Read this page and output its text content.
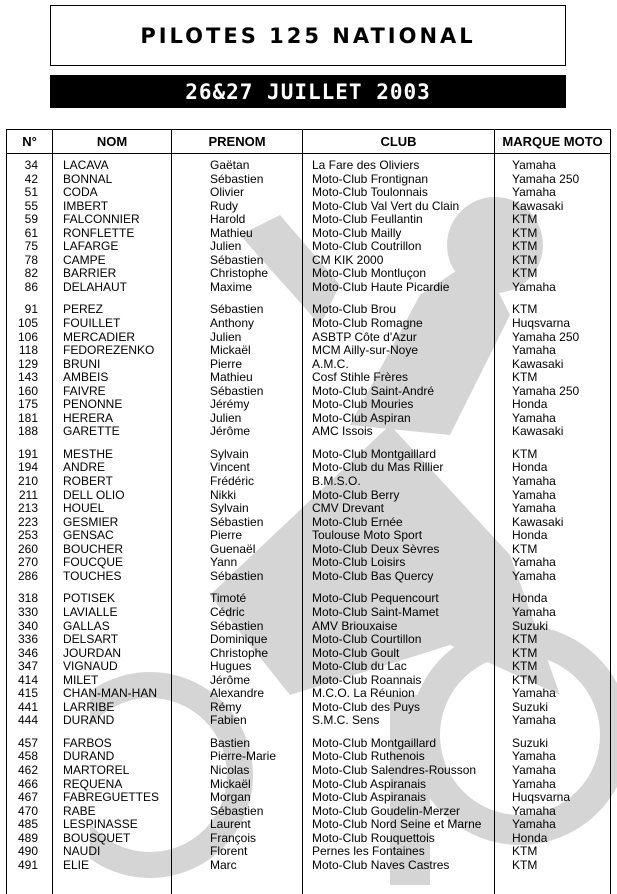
PILOTES 125 NATIONAL
26&27 JUILLET 2003
N°	NOM	PRENOM	CLUB	MARQUE MOTO
34	LACAVA	Gaëtan	La Fare des Oliviers	Yamaha
42	BONNAL	Sébastien	Moto-Club Frontignan	Yamaha 250
51	CODA	Olivier	Moto-Club Toulonnais	Yamaha
55	IMBERT	Rudy	Moto-Club Val Vert du Clain	Kawasaki
59	FALCONNIER	Harold	Moto-Club Feullantin	KTM
61	RONFLETTE	Mathieu	Moto-Club Mailly	KTM
75	LAFARGE	Julien	Moto-Club Coutrillon	KTM
78	CAMPE	Sébastien	CM KIK 2000	KTM
82	BARRIER	Christophe	Moto-Club Montluçon	KTM
86	DELAHAUT	Maxime	Moto-Club Haute Picardie	Yamaha
91	PEREZ	Sébastien	Moto-Club Brou	KTM
105	FOUILLET	Anthony	Moto-Club Romagne	Huqsvarna
106	MERCADIER	Julien	ASBTP Côte d'Azur	Yamaha 250
118	FEDOREZENKO	Mickaël	MCM Ailly-sur-Noye	Yamaha
129	BRUNI	Pierre	A.M.C.	Kawasaki
143	AMBEIS	Mathieu	Cosf Stihle Frères	KTM
160	FAIVRE	Sébastien	Moto-Club Saint-André	Yamaha 250
175	PENONNE	Jérémy	Moto-Club Mouries	Honda
181	HERERA	Julien	Moto-Club Aspiran	Yamaha
188	GARETTE	Jérôme	AMC Issois	Kawasaki
191	MESTHE	Sylvain	Moto-Club Montgaillard	KTM
194	ANDRE	Vincent	Moto-Club du Mas Rillier	Honda
210	ROBERT	Frédéric	B.M.S.O.	Yamaha
211	DELL OLIO	Nikki	Moto-Club Berry	Yamaha
213	HOUEL	Sylvain	CMV Drevant	Yamaha
223	GESMIER	Sébastien	Moto-Club Ernée	Kawasaki
253	GENSAC	Pierre	Toulouse Moto Sport	Honda
260	BOUCHER	Guenaël	Moto-Club Deux Sèvres	KTM
270	FOUCQUE	Yann	Moto-Club Loisirs	Yamaha
286	TOUCHES	Sébastien	Moto-Club Bas Quercy	Yamaha
318	POTISEK	Timoté	Moto-Club Pequencourt	Honda
330	LAVIALLE	Cédric	Moto-Club Saint-Mamet	Yamaha
340	GALLAS	Sébastien	AMV Briouxaise	Suzuki
336	DELSART	Dominique	Moto-Club Courtillon	KTM
346	JOURDAN	Christophe	Moto-Club Goult	KTM
347	VIGNAUD	Hugues	Moto-Club du Lac	KTM
414	MILET	Jérôme	Moto-Club Roannais	KTM
415	CHAN-MAN-HAN	Alexandre	M.C.O. La Réunion	Yamaha
441	LARRIBE	Rémy	Moto-Club des Puys	Suzuki
444	DURAND	Fabien	S.M.C. Sens	Yamaha
457	FARBOS	Bastien	Moto-Club Montgaillard	Suzuki
458	DURAND	Pierre-Marie	Moto-Club Ruthenois	Yamaha
462	MARTOREL	Nicolas	Moto-Club Salendres-Rousson	Yamaha
466	REQUENA	Mickaël	Moto-Club Aspiranais	Yamaha
467	FABREGUETTES	Morgan	Moto-Club Aspiranais	Huqsvarna
470	RABE	Sébastien	Moto-Club Goudelin-Merzer	Yamaha
485	LESPINASSE	Laurent	Moto-Club Nord Seine et Marne	Yamaha
489	BOUSQUET	François	Moto-Club Rouquettois	Honda
490	NAUDI	Florent	Pernes les Fontaines	KTM
491	ELIE	Marc	Moto-Club Naves Castres	KTM
